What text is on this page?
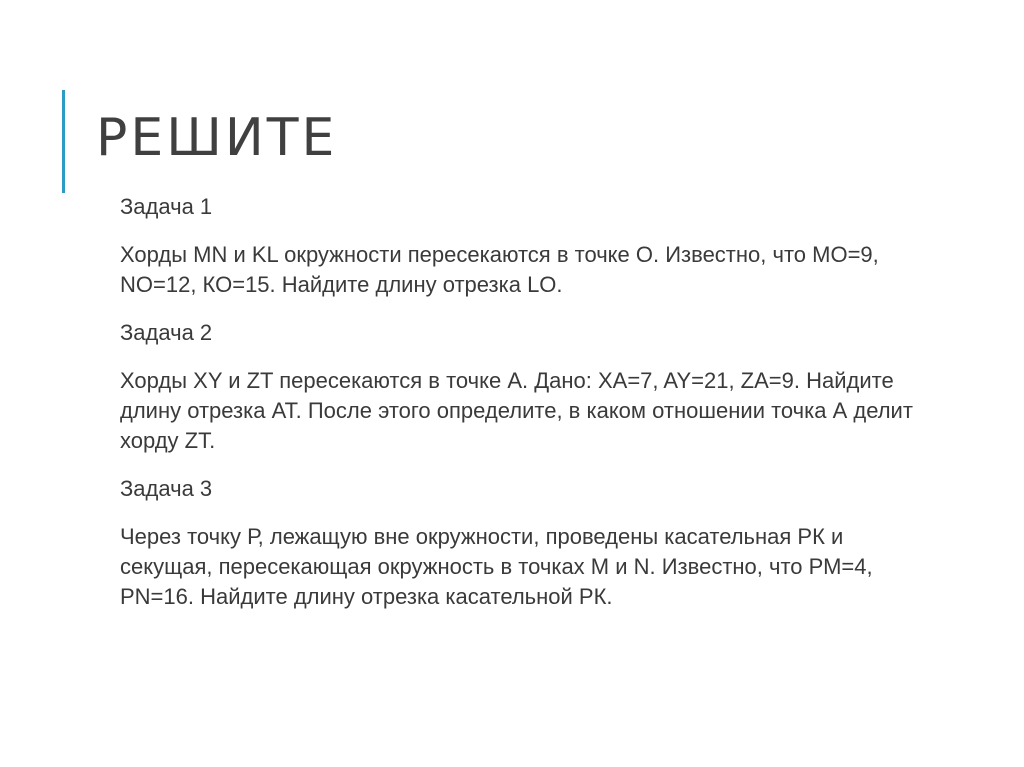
РЕШИТЕ

Задача 1

Хорды MN и KL окружности пересекаются в точке О. Известно, что МО=9, NO=12, КО=15. Найдите длину отрезка LO.

Задача 2

Хорды XY и ZT пересекаются в точке A. Дано: XA=7, AY=21, ZA=9. Найдите длину отрезка AT. После этого определите, в каком отношении точка А делит хорду ZT.

Задача 3

Через точку Р, лежащую вне окружности, проведены касательная РК и секущая, пересекающая окружность в точках М и N. Известно, что РМ=4, РN=16. Найдите длину отрезка касательной РК.
